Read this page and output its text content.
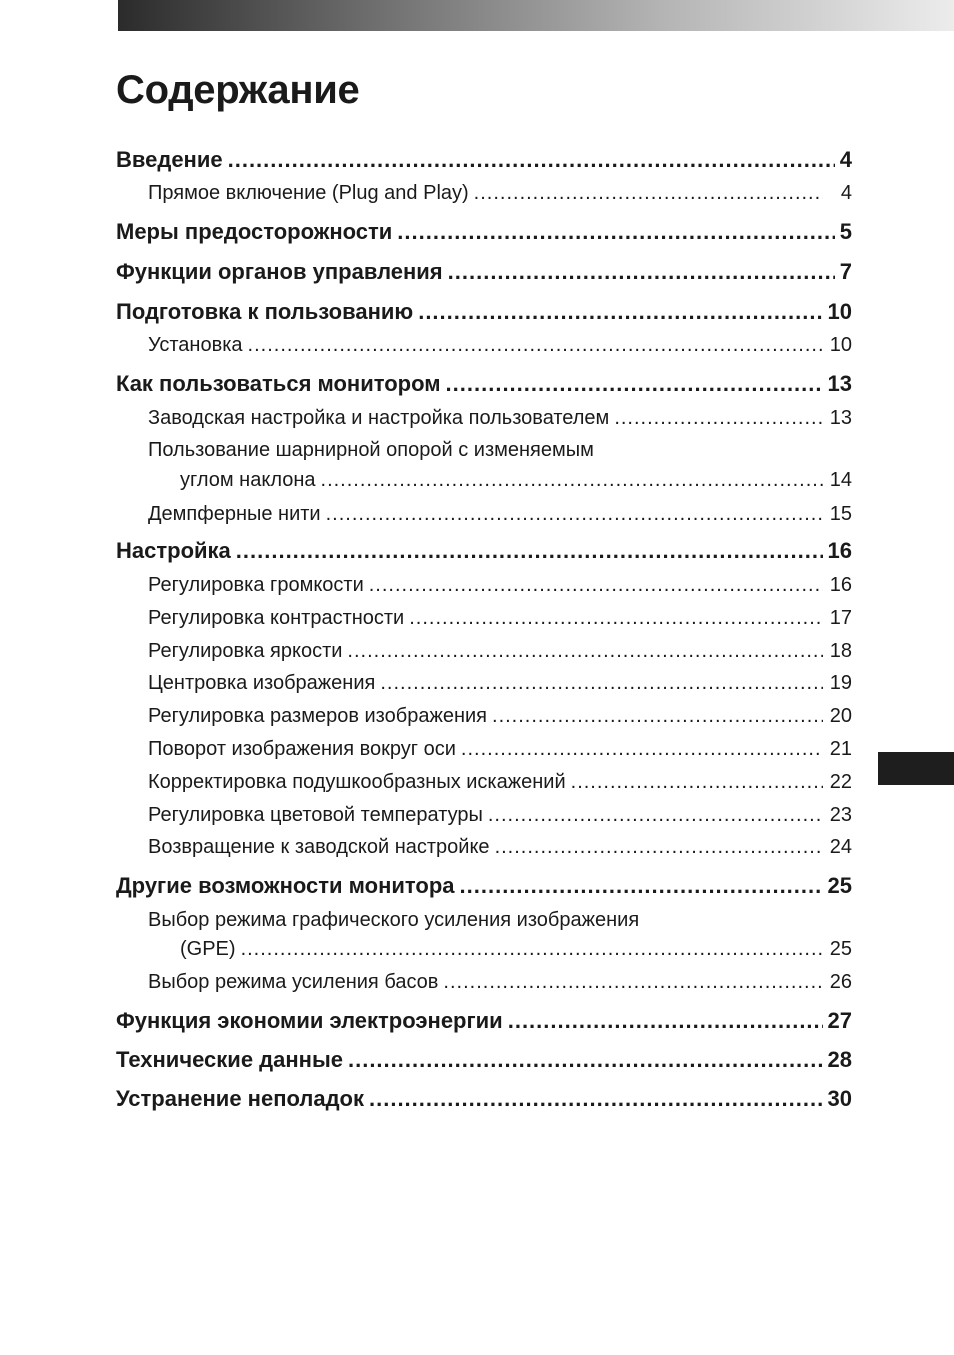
Содержание
Введение .....	4
Прямое включение (Plug and Play) .....	4
Меры предосторожности .....	5
Функции органов управления .....	7
Подготовка к пользованию .....	10
Установка .....	10
Как пользоваться монитором .....	13
Заводская настройка и настройка пользователем .....	13
Пользование шарнирной опорой с изменяемым
углом наклона .....	14
Демпферные нити .....	15
Настройка .....	16
Регулировка громкости .....	16
Регулировка контрастности .....	17
Регулировка яркости .....	18
Центровка изображения .....	19
Регулировка размеров изображения .....	20
Поворот изображения вокруг оси .....	21
Корректировка подушкообразных искажений .....	22
Регулировка цветовой температуры .....	23
Возвращение к заводской настройке .....	24
Другие возможности монитора .....	25
Выбор режима графического усиления изображения
(GPE) .....	25
Выбор режима усиления басов .....	26
Функция экономии электроэнергии .....	27
Технические данные .....	28
Устранение неполадок .....	30
